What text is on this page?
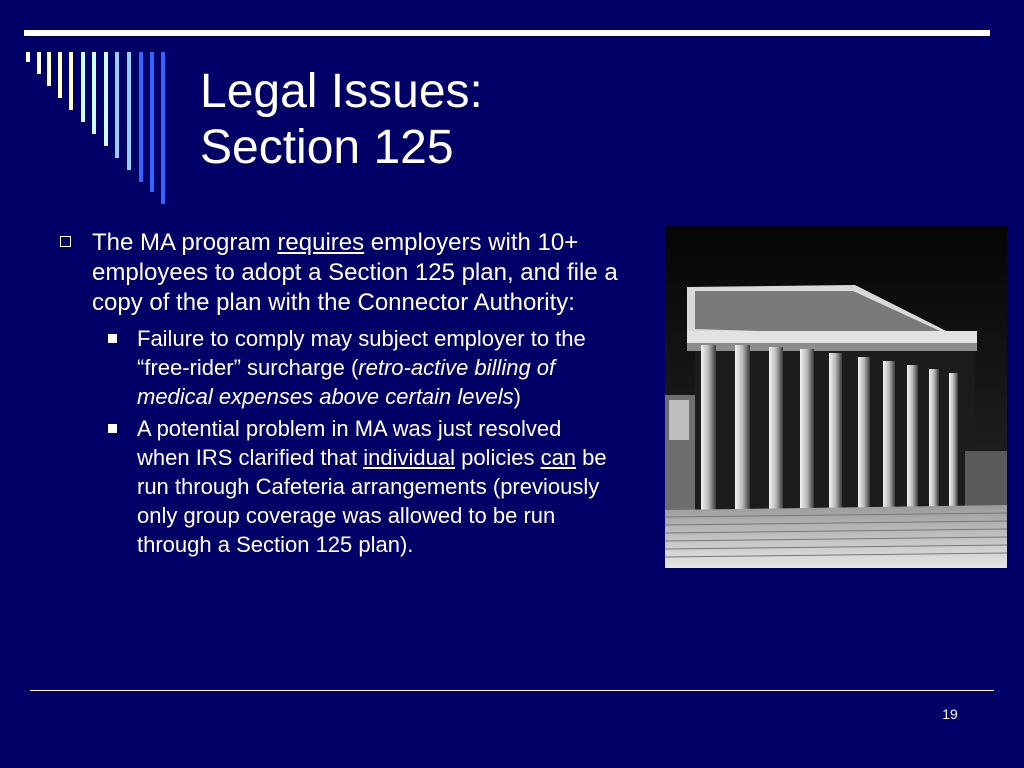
Legal Issues:
Section 125

The MA program requires employers with 10+ employees to adopt a Section 125 plan, and file a copy of the plan with the Connector Authority:

Failure to comply may subject employer to the “free-rider” surcharge (retro-active billing of medical expenses above certain levels)

A potential problem in MA was just resolved when IRS clarified that individual policies can be run through Cafeteria arrangements (previously only group coverage was allowed to be run through a Section 125 plan).

19
